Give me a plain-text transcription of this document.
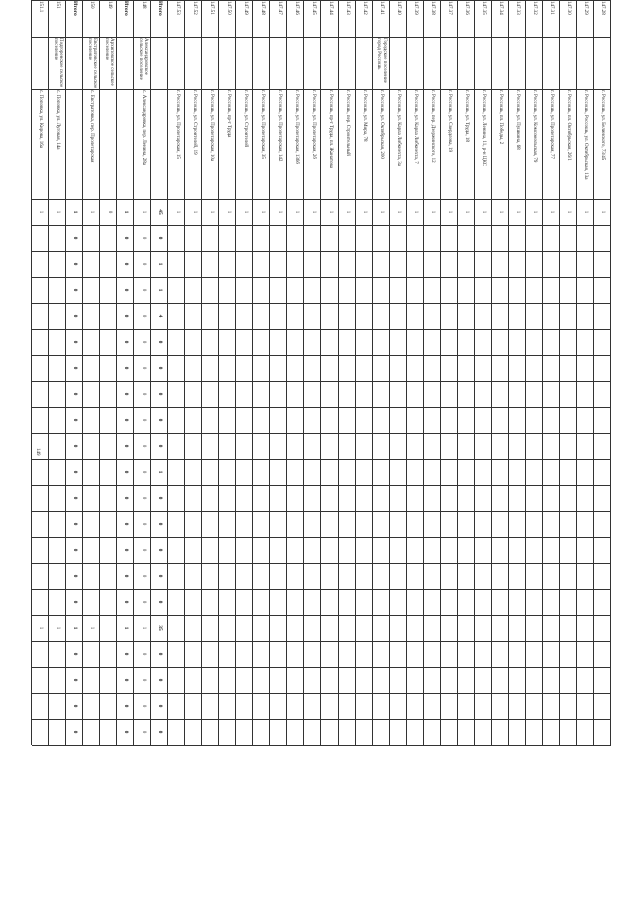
149
147.28
г. Россошь, ул. Белинского, 73/45
1
147.29
г. Россошь, Россошь, ул. Октябрьская, 13а
1
147.30
г. Россошь, пл. Октябрьская, 26/1
1
147.31
г. Россошь, ул. Пролетарская, 77
1
147.32
г. Россошь, ул. Комсомольская, 79
1
147.33
г. Россошь, ул. Пушкина, 68
1
147.34
г. Россошь, пл. Победы, 2
1
147.35
г. Россошь, ул. Ленина, 11, р-н ЦКС
1
147.36
г. Россошь, ул. Труда, 18
1
147.37
г. Россошь, ул. Свердлова, 19
1
147.38
г. Россошь, пер. Дзержинского, 12
1
147.39
г. Россошь, ул. Карла Либкнехта, 7
1
147.40
г. Россошь, ул. Карла Либкнехта, 3а
1
147.41
Городское поселение город Россошь
г. Россошь, ул. Октябрьская, 200
1
147.42
г. Россошь, ул. Мира, 78
1
147.43
г. Россошь, пер. Строительный
1
147.44
г. Россошь, пр-т Труда, пл. Жанатова
1
147.45
г. Россошь, ул. Пролетарская, 2б
1
147.46
г. Россошь, ул. Пролетарская, 136б
1
147.47
г. Россошь, ул. Пролетарская, 142
1
147.48
г. Россошь, ул. Пролетарская, 35
1
147.49
г. Россошь, ул. Строителей
1
147.50
г. Россошь, пр-т Труда
1
147.51
г. Россошь, ул. Пролетарская, 10а
1
147.52
г. Россошь, ул. Строителей, 19
1
147.53
г. Россошь, ул. Пролетарская, 15
1
Итого
45
0
1
1
4
0
0
0
0
0
1
0
0
0
0
0
35
0
0
0
0
148
Александровское сельское поселение
с. Александровка, пер. Ленина, 28а
1
0
0
0
0
0
0
0
0
0
0
0
0
0
0
0
1
0
0
0
0
Итого
1
0
0
0
0
0
0
0
0
0
0
0
0
0
0
0
1
0
0
0
0
149
Архиповское сельское поселение
0
150
Евстратовское сельское поселение
с. Евстратовка, пер. Пролетарская
1
1
Итого
1
0
0
0
0
0
0
0
0
0
0
0
0
0
0
0
1
0
0
0
0
151
Подгоренское сельское поселение
с. Поповка, ул. Луговая, 14а
1
1
151.1
с. Поповка, ул. Кирова, 16а
1
1
